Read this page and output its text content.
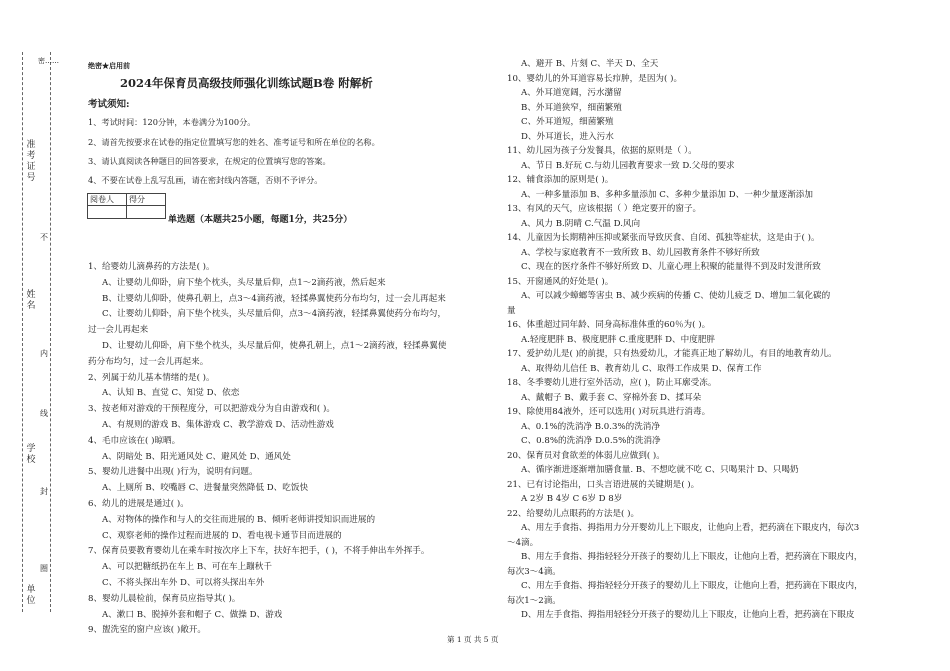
密……
准考证号
姓名
学校
单位
不
内
线
封
圈
绝密★启用前
2024年保育员高级技师强化训练试题B卷 附解析
考试须知:
1、考试时间：120分钟，本卷满分为100分。
2、请首先按要求在试卷的指定位置填写您的姓名、准考证号和所在单位的名称。
3、请认真阅读各种题目的回答要求，在规定的位置填写您的答案。
4、不要在试卷上乱写乱画，请在密封线内答题，否则不予评分。
阅卷人	得分

单选题（本题共25小题，每题1分，共25分）
1、给婴幼儿滴鼻药的方法是( )。
A、让婴幼儿仰卧，肩下垫个枕头，头尽量后仰，点1～2滴药液，然后起来
B、让婴幼儿仰卧，使鼻孔朝上，点3～4滴药液，轻揉鼻翼使药分布均匀，过一会儿再起来
C、让婴幼儿仰卧，肩下垫个枕头，头尽量后仰，点3～4滴药液，轻揉鼻翼使药分布均匀，
过一会儿再起来
D、让婴幼儿仰卧，肩下垫个枕头，头尽量后仰，使鼻孔朝上，点1～2滴药液，轻揉鼻翼使
药分布均匀，过一会儿再起来。
2、列属于幼儿基本情绪的是( )。
A、认知 B、直觉 C、知觉 D、依恋
3、按老师对游戏的干预程度分，可以把游戏分为自由游戏和( )。
A、有规则的游戏 B、集体游戏 C、教学游戏 D、活动性游戏
4、毛巾应该在( )晾晒。
A、阴暗处 B、阳光通风处 C、避风处 D、通风处
5、婴幼儿进餐中出现( )行为，说明有问题。
A、上厕所 B、咬嘴唇 C、进餐量突然降低 D、吃饭快
6、幼儿的进展是通过( )。
A、对物体的操作和与人的交往而进展的 B、倾听老师讲授知识而进展的
C、观察老师的操作过程而进展的 D、看电视卡通节目而进展的
7、保育员要教育婴幼儿在乘车时按次序上下车，扶好车把手，( )，不将手伸出车外挥手。
A、可以把糖纸扔在车上 B、可在车上蹦秋千
C、不将头探出车外 D、可以将头探出车外
8、婴幼儿晨检前，保育员应指导其( )。
A、漱口 B、脱掉外套和帽子 C、做操 D、游戏
9、盥洗室的窗户应该( )敞开。
A、避开 B、片刻 C、半天 D、全天
10、婴幼儿的外耳道容易长疖肿，是因为( )。
A、外耳道宽阔，污水潴留
B、外耳道狭窄，细菌繁殖
C、外耳道短，细菌繁殖
D、外耳道长，进入污水
11、幼儿园为孩子分发餐具，依据的原则是（ ）。
A、节日 B.好玩 C.与幼儿园教育要求一致 D.父母的要求
12、辅食添加的原则是( )。
A、一种多量添加 B、多种多量添加 C、多种少量添加 D、一种少量逐渐添加
13、有风的天气，应该根据（ ）绝定要开的窗子。
A、风力 B.阴晴 C.气温 D.风向
14、儿童因为长期精神压抑或紧张而导致厌食、自闭、孤独等症状，这是由于( )。
A、学校与家庭教育不一致所致 B、幼儿园教育条件不够好所致
C、现在的医疗条件不够好所致 D、儿童心理上积聚的能量得不到及时发泄所致
15、开窗通风的好处是( )。
A、可以减少蟑螂等害虫 B、减少疾病的传播 C、使幼儿疲乏 D、增加二氧化碳的
量
16、体重超过同年龄、同身高标准体重的60％为( )。
A.轻度肥胖 B、极度肥胖 C.重度肥胖 D、中度肥胖
17、爱护幼儿是( )的前提，只有热爱幼儿，才能真正地了解幼儿，有目的地教育幼儿。
A、取得幼儿信任 B、教育幼儿 C、取得工作成果 D、保育工作
18、冬季婴幼儿进行室外活动，应( )，防止耳廓受冻。
A、戴帽子 B、戴手套 C、穿棉外套 D、揉耳朵
19、除使用84液外，还可以选用( )对玩具进行消毒。
A、0.1%的洗消净 B.0.3%的洗消净
C、0.8%的洗消净 D.0.5%的洗消净
20、保育员对食欲差的体弱儿应做到( )。
A、循序渐进逐渐增加膳食量. B、不想吃就不吃 C、只喝果汁 D、只喝奶
21、已有讨论指出，口头言语进展的关键期是( )。
A 2岁 B 4岁 C 6岁 D 8岁
22、给婴幼儿点眼药的方法是( )。
A、用左手食指、拇指用力分开婴幼儿上下眼皮，让他向上看，把药滴在下眼皮内，每次3
～4滴。
B、用左手食指、拇指轻轻分开孩子的婴幼儿上下眼皮，让他向上看，把药滴在下眼皮内，
每次3～4滴。
C、用左手食指、拇指轻轻分开孩子的婴幼儿上下眼皮，让他向上看，把药滴在下眼皮内，
每次1～2滴。
D、用左手食指、拇指用轻轻分开孩子的婴幼儿上下眼皮，让他向上看，把药滴在下眼皮
第 1 页 共 5 页
